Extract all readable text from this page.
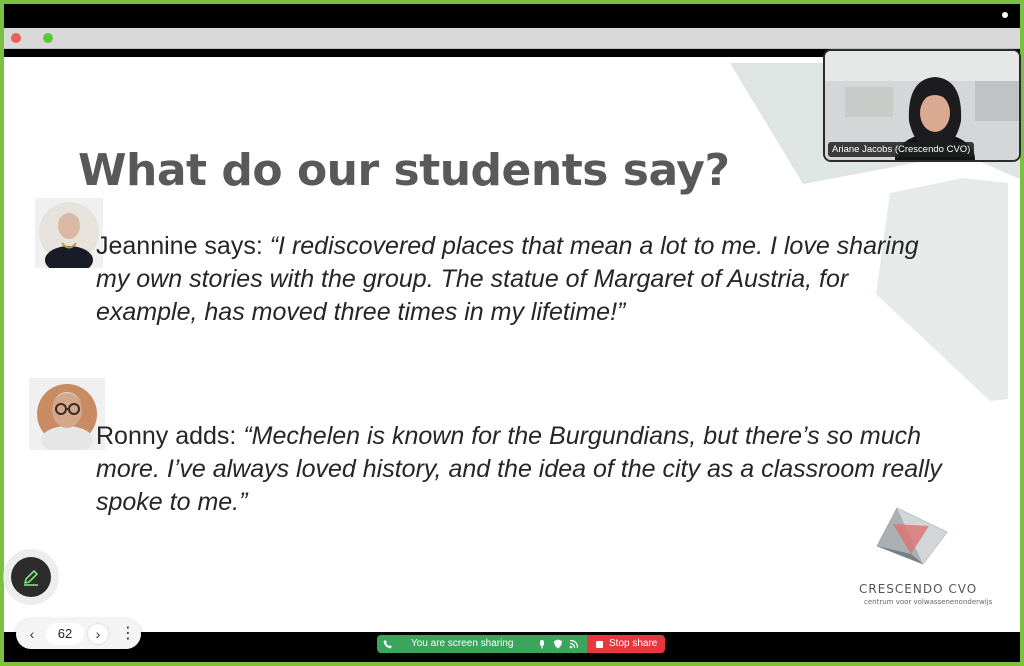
What do our students say?

Jeannine says: “I rediscovered places that mean a lot to me. I love sharing my own stories with the group. The statue of Margaret of Austria, for example, has moved three times in my lifetime!”

Ronny adds: “Mechelen is known for the Burgundians, but there’s so much more. I’ve always loved history, and the idea of the city as a classroom really spoke to me.”

CRESCENDO CVO
centrum voor volwassenenonderwijs
Ariane Jacobs (Crescendo CVO)
You are screen sharing	Stop share
‹	62	›	⋮
